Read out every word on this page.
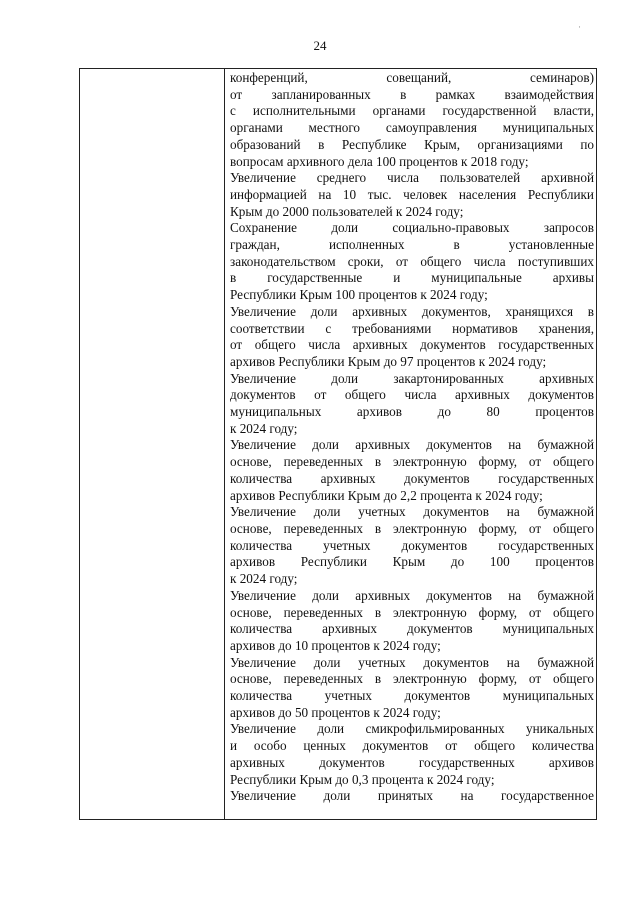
24
·

конференций, совещаний, семинаров)
от запланированных в рамках взаимодействия
с исполнительными органами государственной власти,
органами местного самоуправления муниципальных
образований в Республике Крым, организациями по
вопросам архивного дела 100 процентов к 2018 году;

Увеличение среднего числа пользователей архивной
информацией на 10 тыс. человек населения Республики
Крым до 2000 пользователей к 2024 году;

Сохранение доли социально-правовых запросов
граждан, исполненных в установленные
законодательством сроки, от общего числа поступивших
в государственные и муниципальные архивы
Республики Крым 100 процентов к 2024 году;

Увеличение доли архивных документов, хранящихся в
соответствии с требованиями нормативов хранения,
от общего числа архивных документов государственных
архивов Республики Крым до 97 процентов к 2024 году;

Увеличение доли закартонированных архивных
документов от общего числа архивных документов
муниципальных архивов до 80 процентов
к 2024 году;

Увеличение доли архивных документов на бумажной
основе, переведенных в электронную форму, от общего
количества архивных документов государственных
архивов Республики Крым до 2,2 процента к 2024 году;

Увеличение доли учетных документов на бумажной
основе, переведенных в электронную форму, от общего
количества учетных документов государственных
архивов Республики Крым до 100 процентов
к 2024 году;

Увеличение доли архивных документов на бумажной
основе, переведенных в электронную форму, от общего
количества архивных документов муниципальных
архивов до 10 процентов к 2024 году;

Увеличение доли учетных документов на бумажной
основе, переведенных в электронную форму, от общего
количества учетных документов муниципальных
архивов до 50 процентов к 2024 году;

Увеличение доли смикрофильмированных уникальных
и особо ценных документов от общего количества
архивных документов государственных архивов
Республики Крым до 0,3 процента к 2024 году;

Увеличение доли принятых на государственное
